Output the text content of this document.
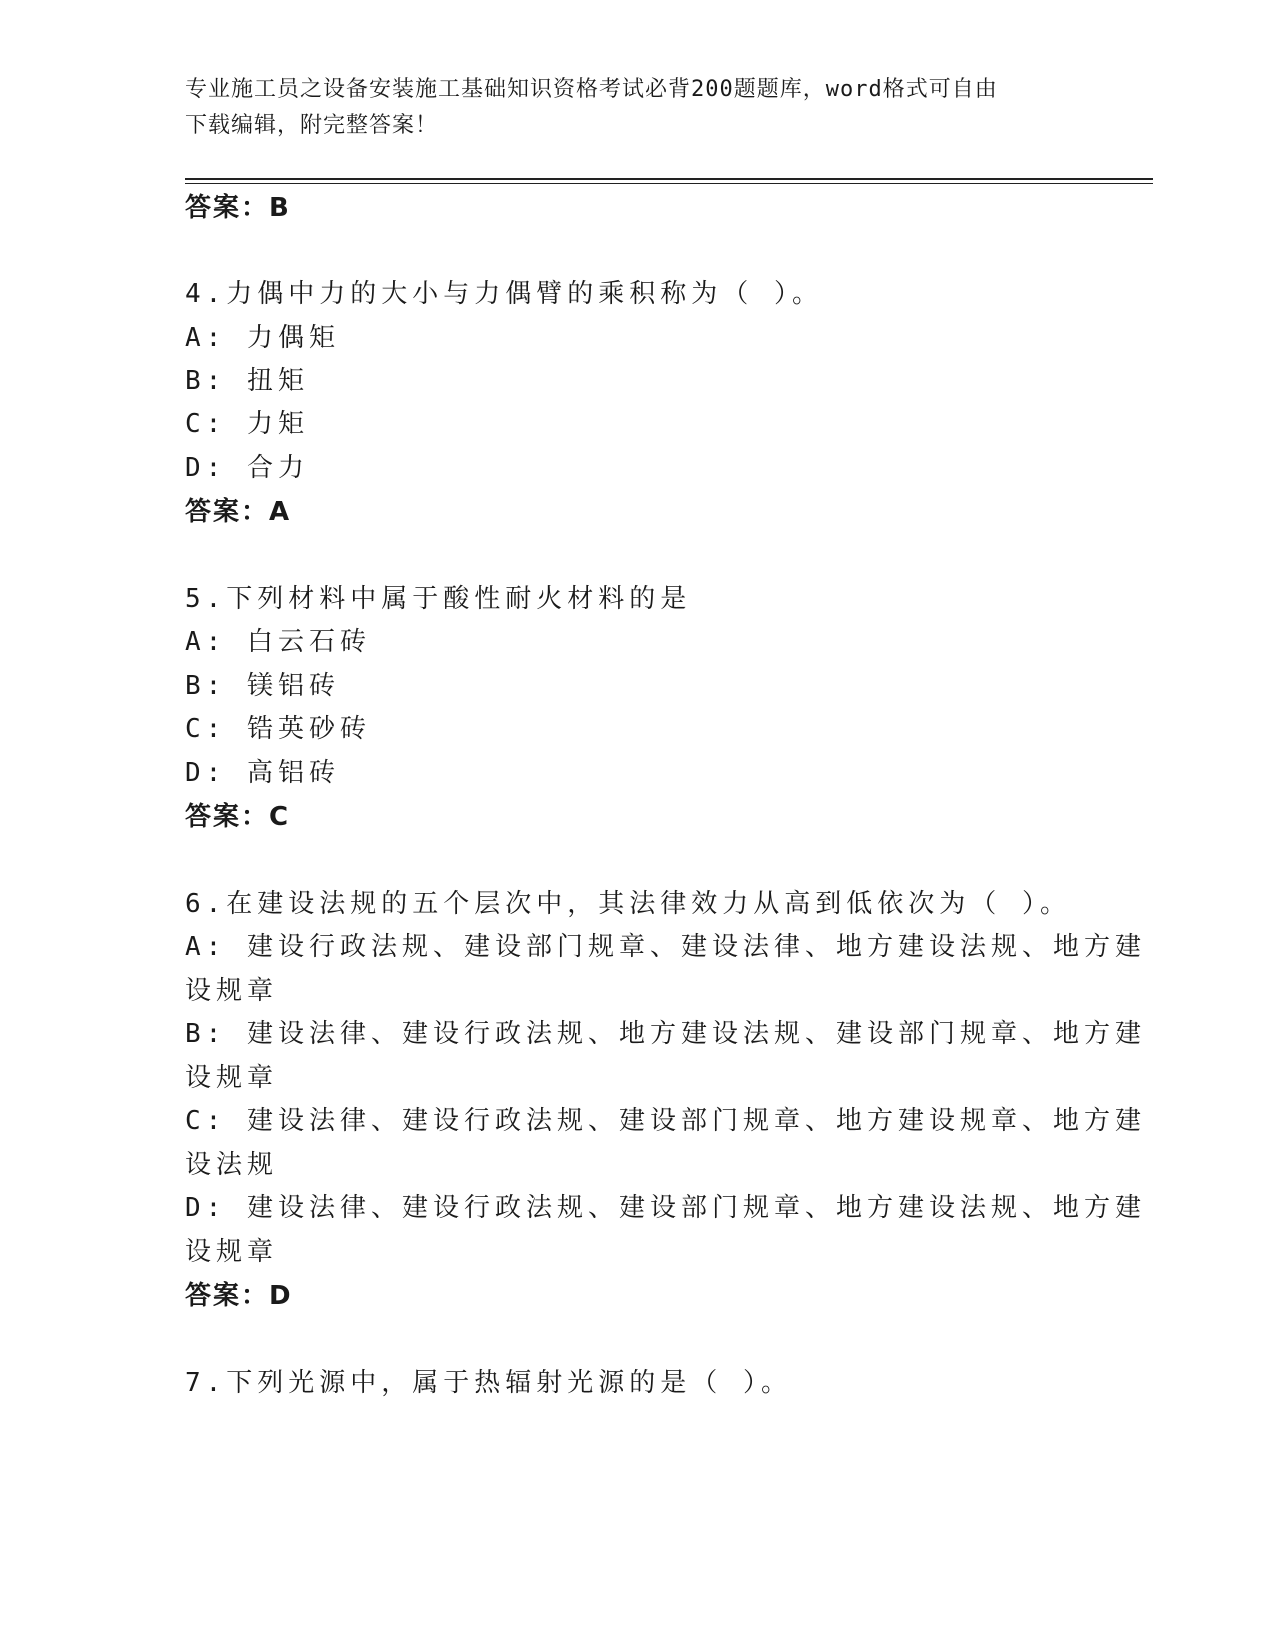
专业施工员之设备安装施工基础知识资格考试必背200题题库，word格式可自由
下载编辑，附完整答案！
答案：B
4.力偶中力的大小与力偶臂的乘积称为（ ）。
A: 力偶矩
B: 扭矩
C: 力矩
D: 合力
答案：A
5.下列材料中属于酸性耐火材料的是
A: 白云石砖
B: 镁铝砖
C: 锆英砂砖
D: 高铝砖
答案：C
6.在建设法规的五个层次中，其法律效力从高到低依次为（ ）。
A: 建设行政法规、建设部门规章、建设法律、地方建设法规、地方建
设规章
B: 建设法律、建设行政法规、地方建设法规、建设部门规章、地方建
设规章
C: 建设法律、建设行政法规、建设部门规章、地方建设规章、地方建
设法规
D: 建设法律、建设行政法规、建设部门规章、地方建设法规、地方建
设规章
答案：D
7.下列光源中，属于热辐射光源的是（ ）。
